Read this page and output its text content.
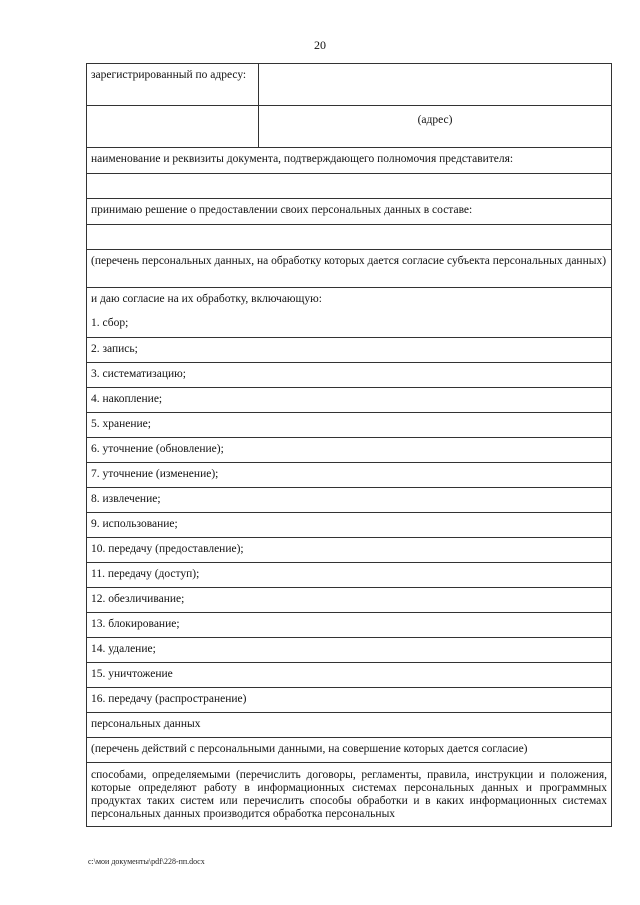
20
зарегистрированный по адресу:
(адрес)
наименование и реквизиты документа, подтверждающего полномочия представителя:
принимаю решение о предоставлении своих персональных данных в составе:
(перечень персональных данных, на обработку которых дается согласие субъекта персональных данных)
и даю согласие на их обработку, включающую:
1. сбор;
2. запись;
3. систематизацию;
4. накопление;
5. хранение;
6. уточнение (обновление);
7. уточнение (изменение);
8. извлечение;
9. использование;
10. передачу (предоставление);
11. передачу (доступ);
12. обезличивание;
13. блокирование;
14. удаление;
15. уничтожение
16. передачу (распространение)
персональных данных
(перечень действий с персональными данными, на совершение которых дается согласие)
способами, определяемыми (перечислить договоры, регламенты, правила, инструкции и положения, которые определяют работу в информационных системах персональных данных и программных продуктах таких систем или перечислить способы обработки и в каких информационных системах персональных данных производится обработка персональных
c:\мои документы\pdf\228-пп.docx
